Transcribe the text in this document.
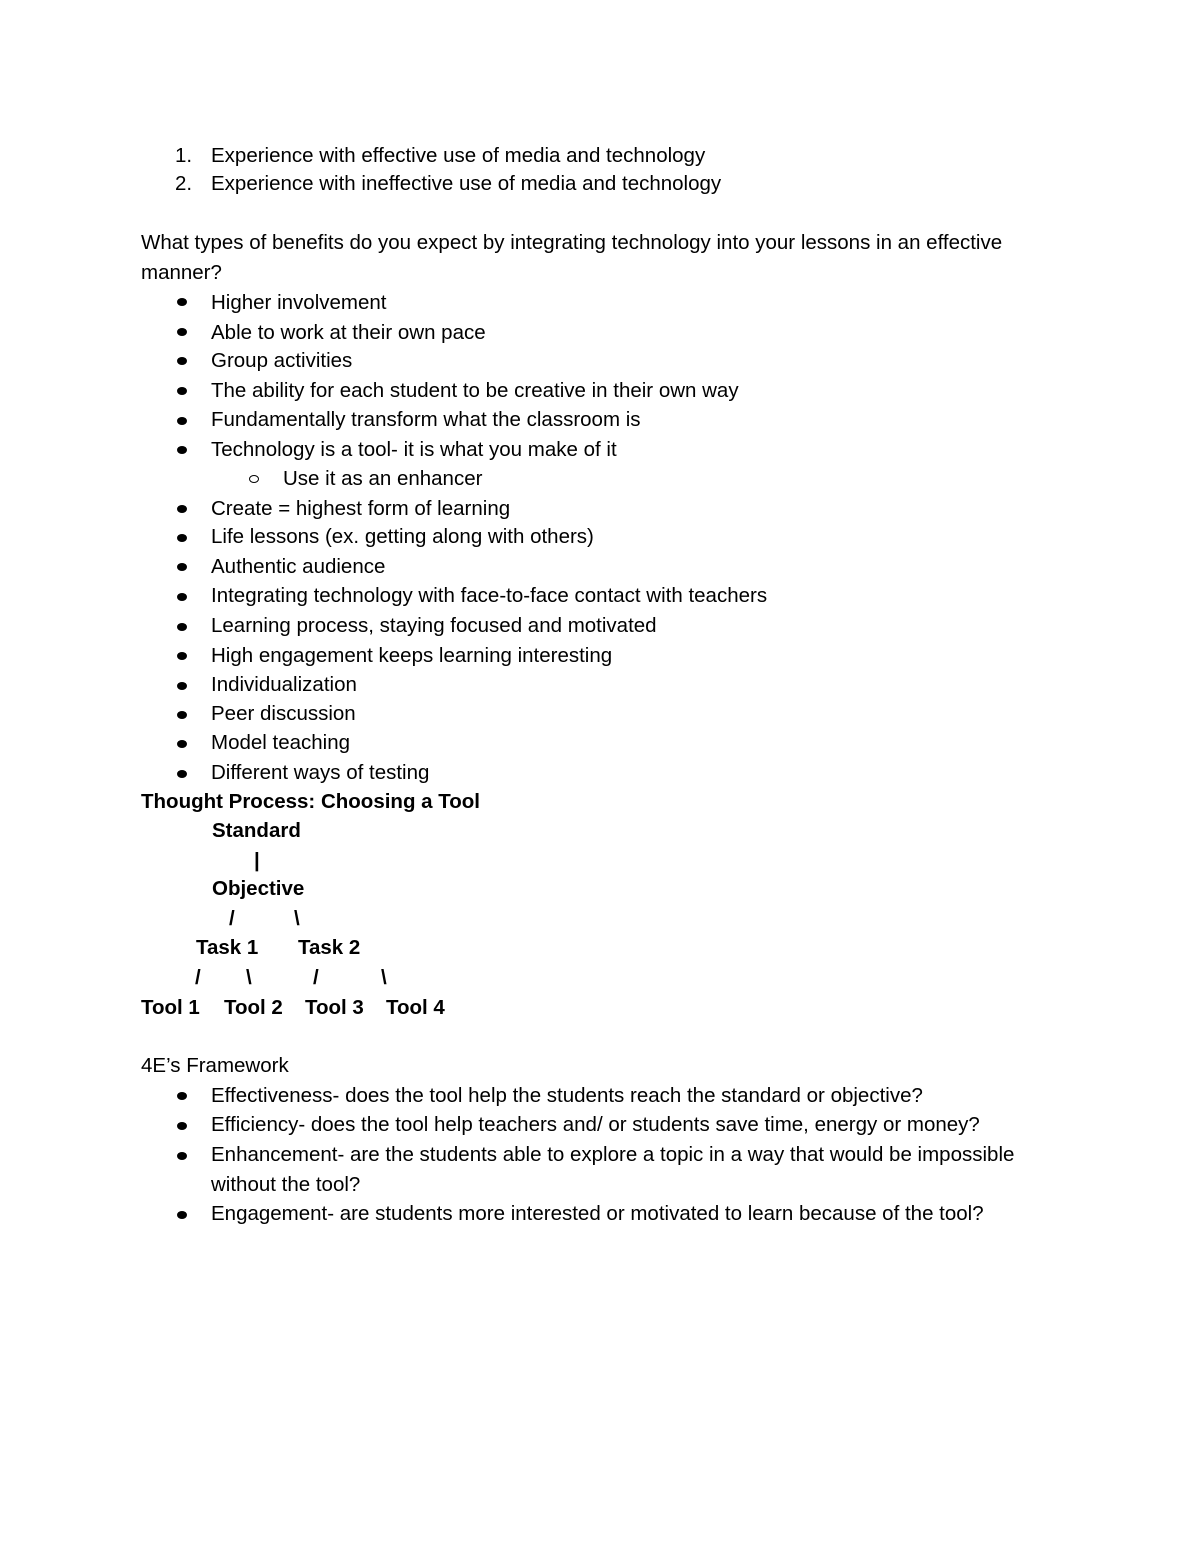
1. Experience with effective use of media and technology
2. Experience with ineffective use of media and technology
What types of benefits do you expect by integrating technology into your lessons in an effective
manner?
Higher involvement
Able to work at their own pace
Group activities
The ability for each student to be creative in their own way
Fundamentally transform what the classroom is
Technology is a tool- it is what you make of it
Use it as an enhancer
Create = highest form of learning
Life lessons (ex. getting along with others)
Authentic audience
Integrating technology with face-to-face contact with teachers
Learning process, staying focused and motivated
High engagement keeps learning interesting
Individualization
Peer discussion
Model teaching
Different ways of testing
Thought Process: Choosing a Tool
Standard
|
Objective
/	\
Task 1 Task 2
/ \	/	\
Tool 1 Tool 2 Tool 3 Tool 4
4E’s Framework
Effectiveness- does the tool help the students reach the standard or objective?
Efficiency- does the tool help teachers and/ or students save time, energy or money?
Enhancement- are the students able to explore a topic in a way that would be impossible
without the tool?
Engagement- are students more interested or motivated to learn because of the tool?
